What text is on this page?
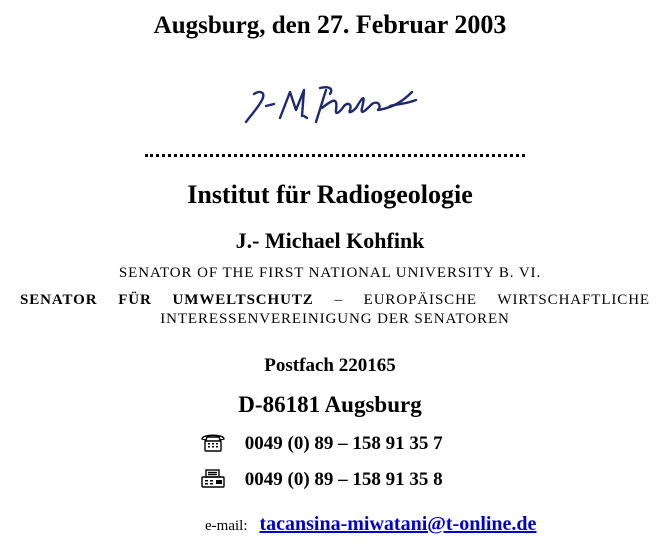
Augsburg, den 27. Februar 2003
Institut für Radiogeologie
J.- Michael Kohfink
SENATOR OF THE FIRST NATIONAL UNIVERSITY B. VI.
SENATOR FÜR UMWELTSCHUTZ – EUROPÄISCHE WIRTSCHAFTLICHE
INTERESSENVEREINIGUNG DER SENATOREN
Postfach 220165
D-86181 Augsburg
0049 (0) 89 – 158 91 35 7
0049 (0) 89 – 158 91 35 8
e-mail: tacansina-miwatani@t-online.de
